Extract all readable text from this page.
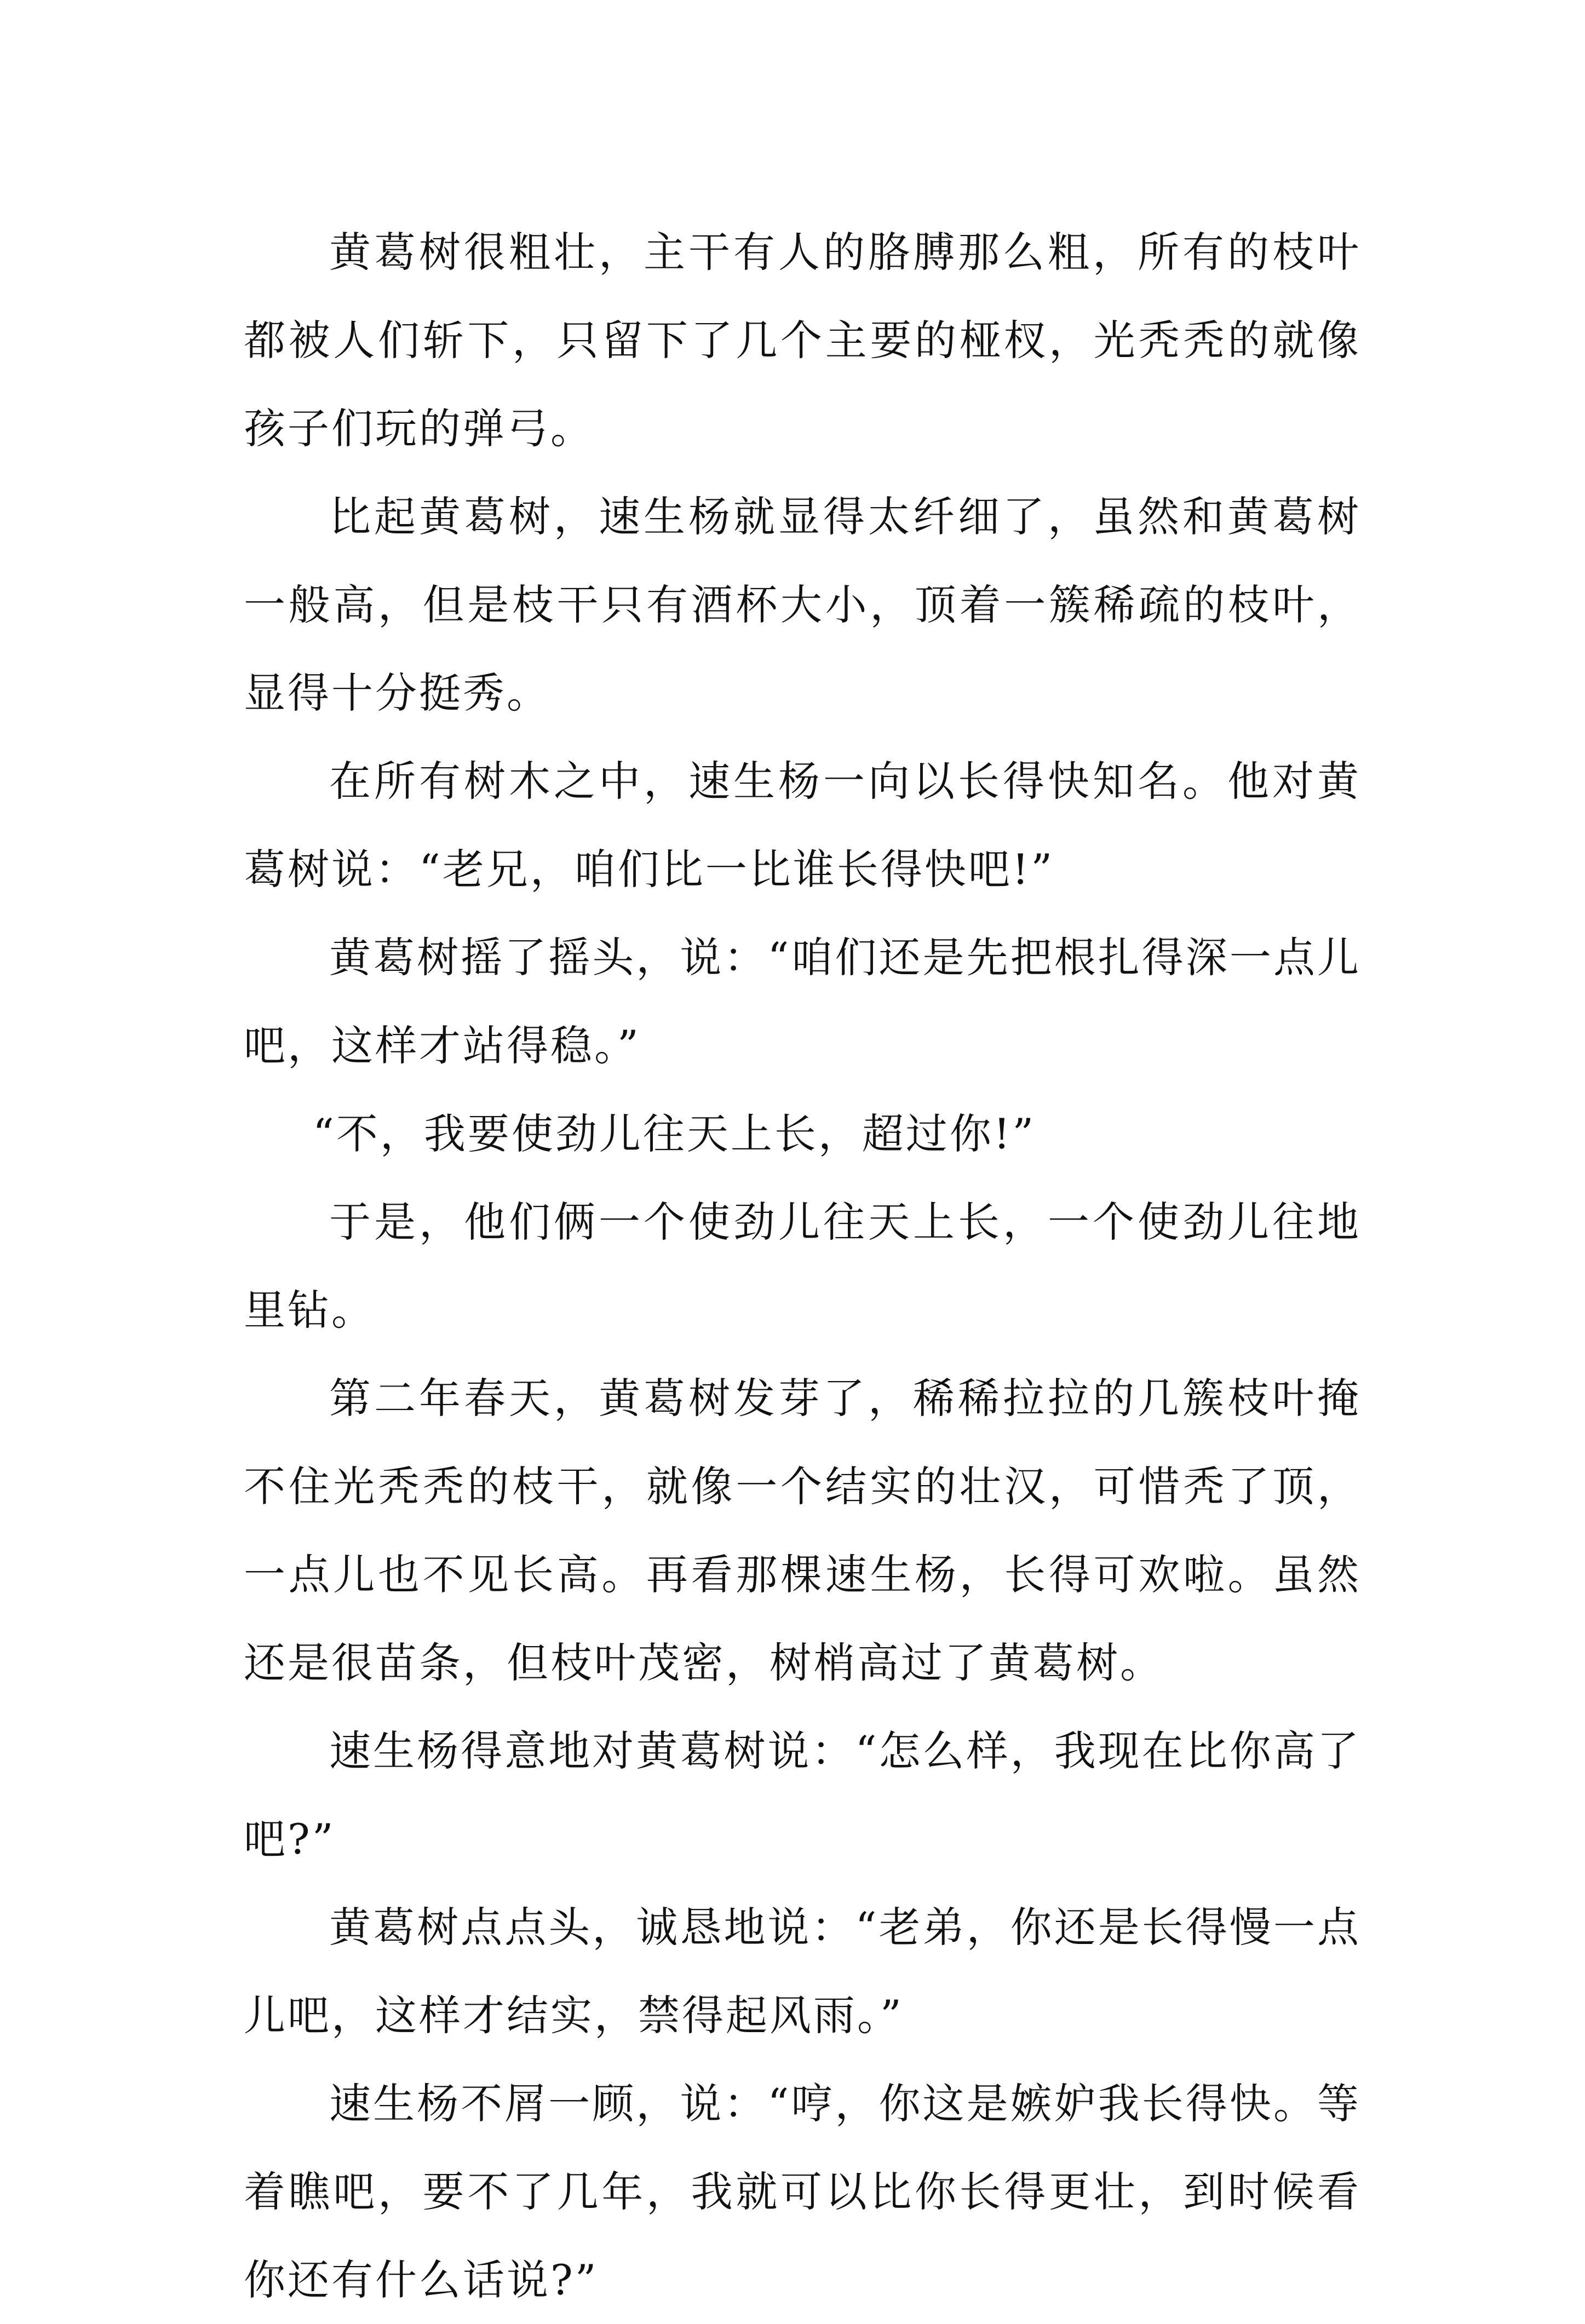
黄葛树很粗壮，主干有人的胳膊那么粗，所有的枝叶都被人们斩下，只留下了几个主要的桠杈，光秃秃的就像孩子们玩的弹弓。

比起黄葛树，速生杨就显得太纤细了，虽然和黄葛树一般高，但是枝干只有酒杯大小，顶着一簇稀疏的枝叶，显得十分挺秀。

在所有树木之中，速生杨一向以长得快知名。他对黄葛树说：“老兄，咱们比一比谁长得快吧!”

黄葛树摇了摇头，说：“咱们还是先把根扎得深一点儿吧，这样才站得稳。”

“不，我要使劲儿往天上长，超过你!”

于是，他们俩一个使劲儿往天上长，一个使劲儿往地里钻。

第二年春天，黄葛树发芽了，稀稀拉拉的几簇枝叶掩不住光秃秃的枝干，就像一个结实的壮汉，可惜秃了顶，一点儿也不见长高。再看那棵速生杨，长得可欢啦。虽然还是很苗条，但枝叶茂密，树梢高过了黄葛树。

速生杨得意地对黄葛树说：“怎么样，我现在比你高了吧?”

黄葛树点点头，诚恳地说：“老弟，你还是长得慢一点儿吧，这样才结实，禁得起风雨。”

速生杨不屑一顾，说：“哼，你这是嫉妒我长得快。等着瞧吧，要不了几年，我就可以比你长得更壮，到时候看你还有什么话说?”
